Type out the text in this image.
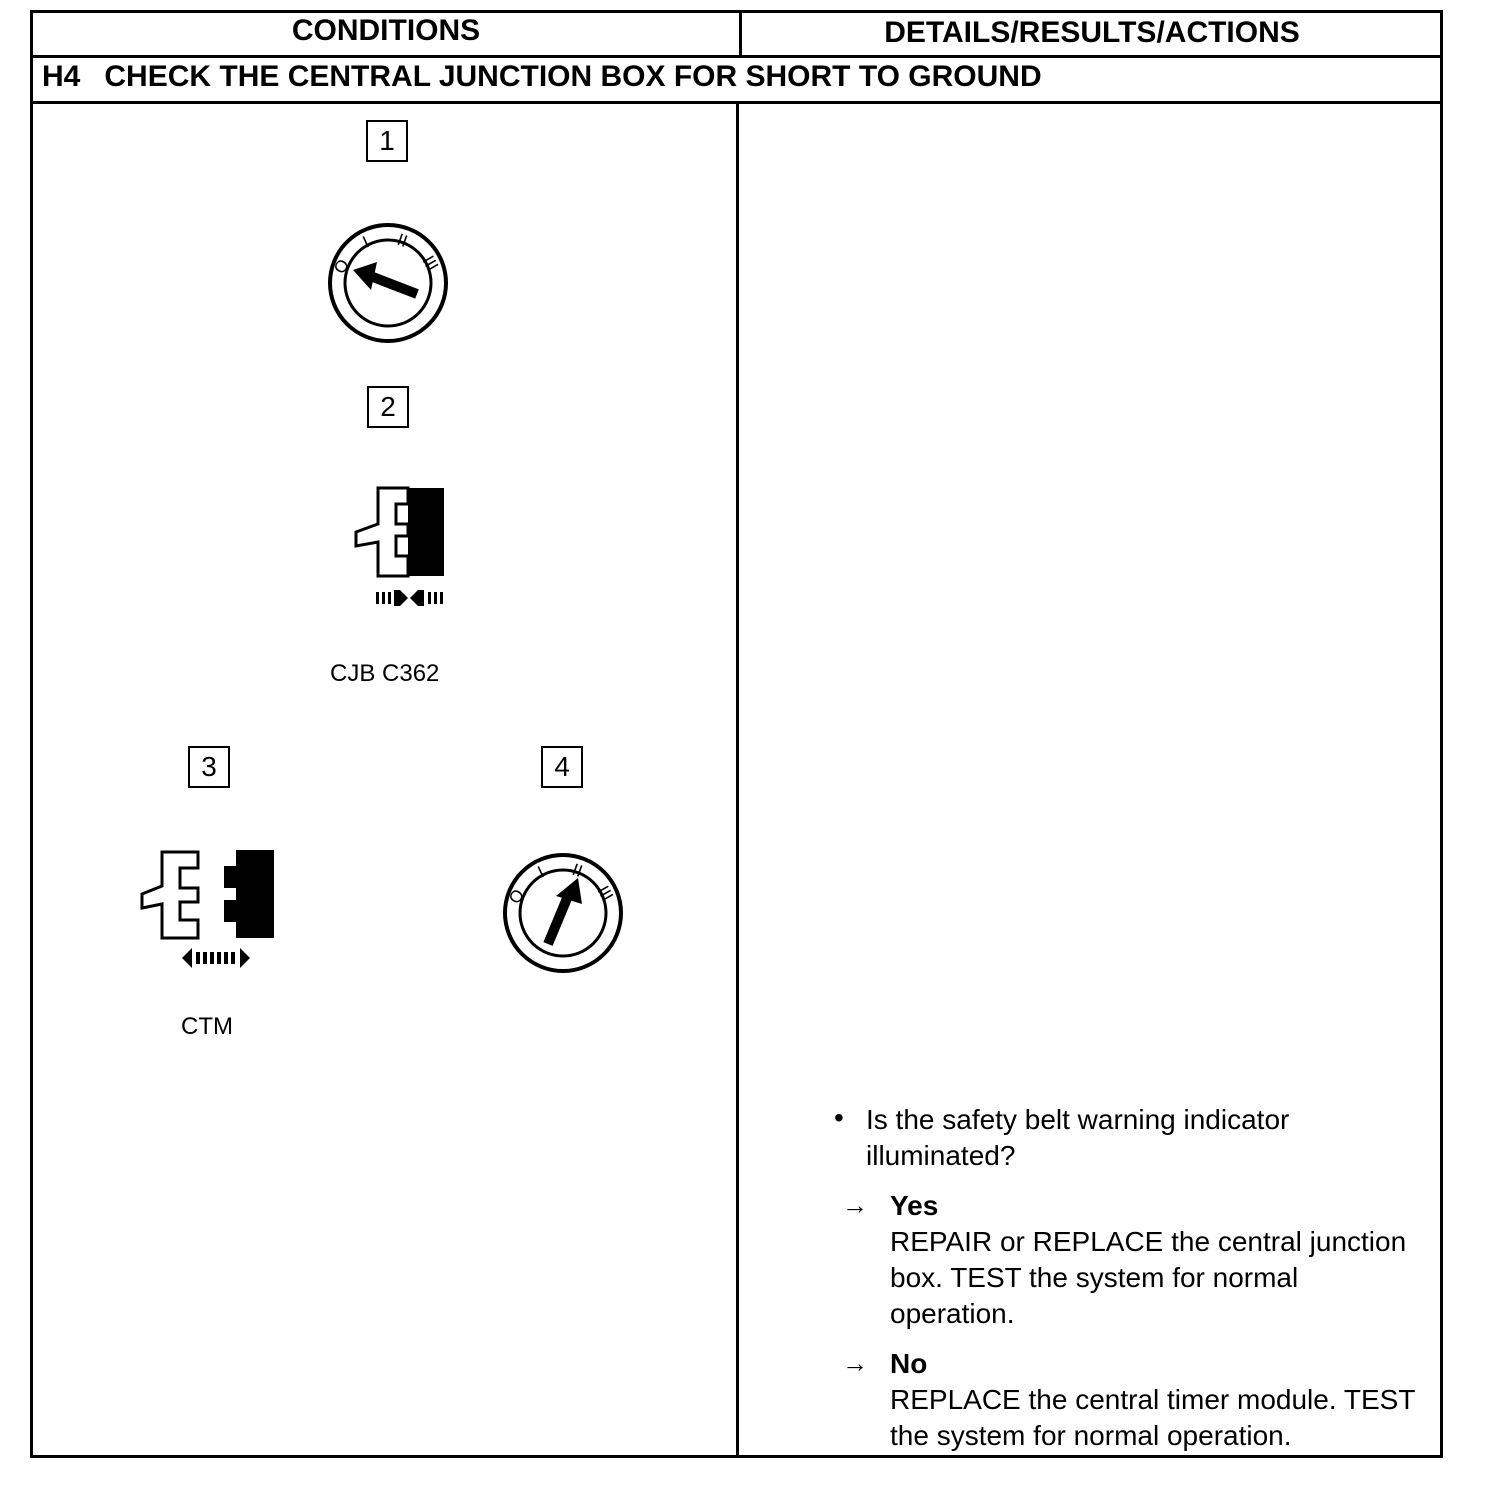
CONDITIONS	DETAILS/RESULTS/ACTIONS
H4 CHECK THE CENTRAL JUNCTION BOX FOR SHORT TO GROUND
1
O
I II
III
2
CJB C362
3
CTM
4
O
I II
III
• Is the safety belt warning indicator illuminated?
→ Yes
REPAIR or REPLACE the central junction box. TEST the system for normal operation.
→ No
REPLACE the central timer module. TEST the system for normal operation.
